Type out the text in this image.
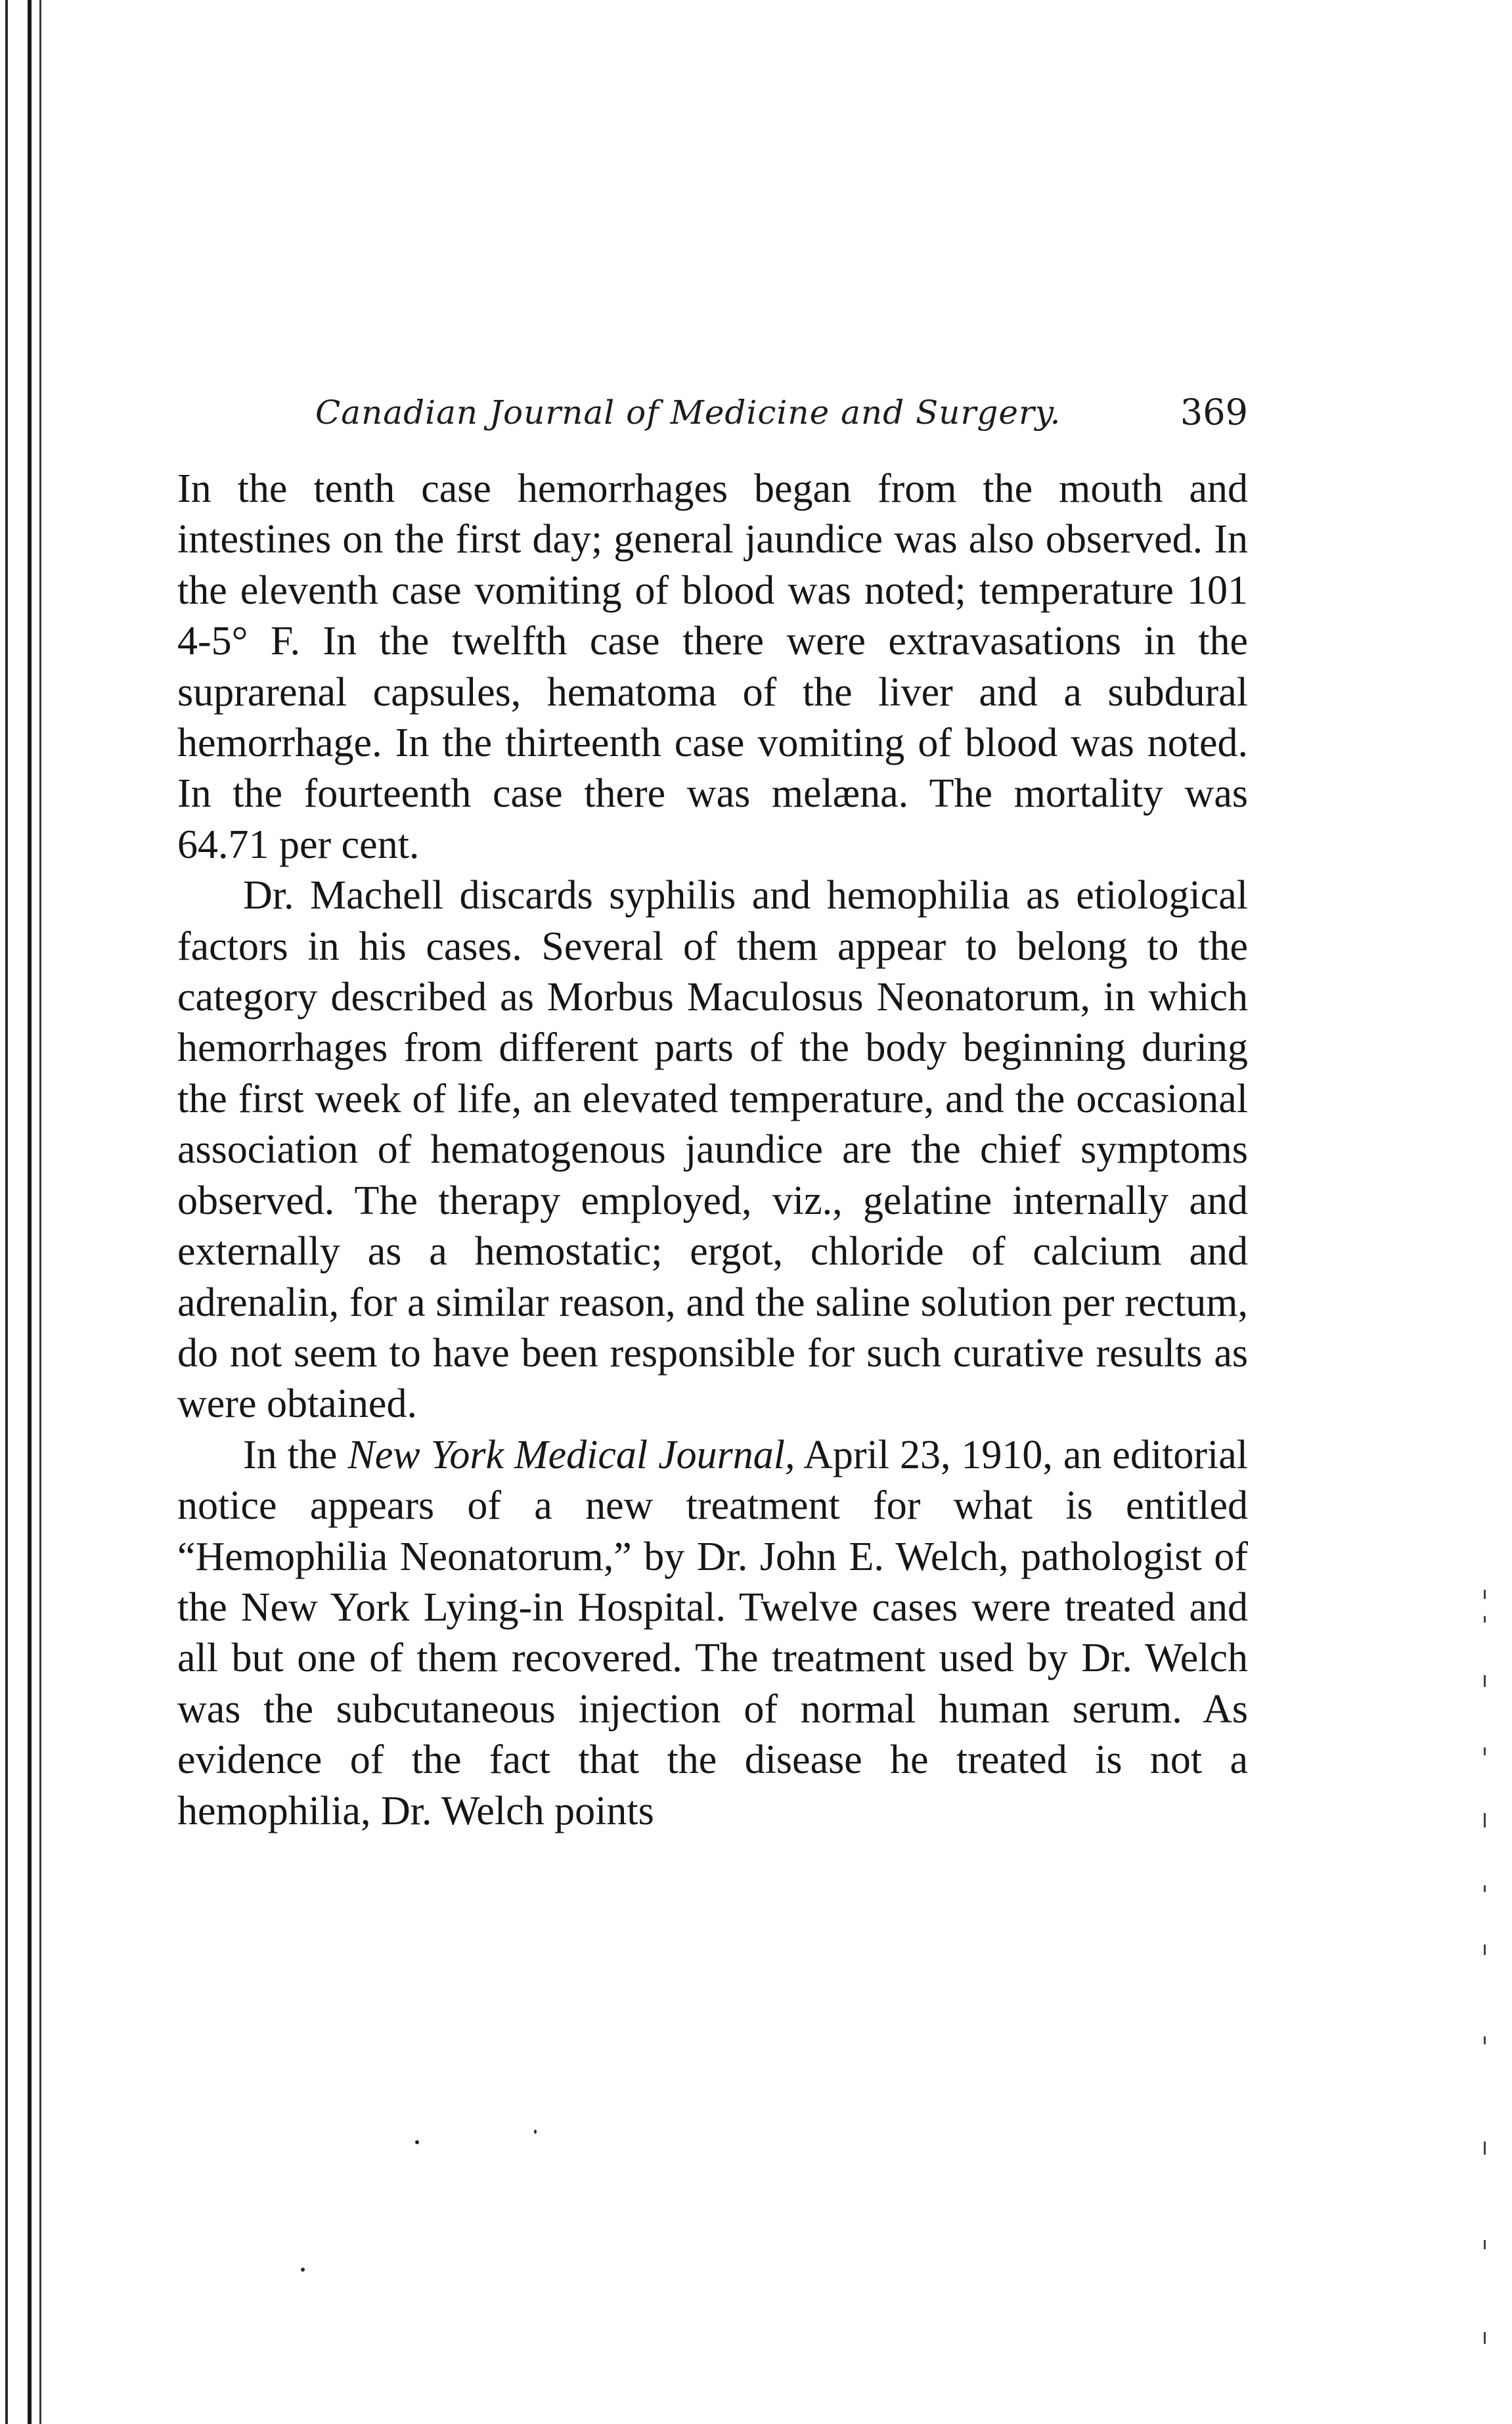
Canadian Journal of Medicine and Surgery.	369

In the tenth case hemorrhages began from the mouth and intestines on the first day; general jaundice was also observed. In the eleventh case vomiting of blood was noted; temperature 101 4-5° F. In the twelfth case there were extravasations in the suprarenal capsules, hematoma of the liver and a subdural hemorrhage. In the thirteenth case vomiting of blood was noted. In the fourteenth case there was melæna. The mortality was 64.71 per cent.

Dr. Machell discards syphilis and hemophilia as etiological factors in his cases. Several of them appear to belong to the category described as Morbus Maculosus Neonatorum, in which hemorrhages from different parts of the body beginning during the first week of life, an elevated temperature, and the occasional association of hematogenous jaundice are the chief symptoms observed. The therapy employed, viz., gelatine internally and externally as a hemostatic; ergot, chloride of calcium and adrenalin, for a similar reason, and the saline solution per rectum, do not seem to have been responsible for such curative results as were obtained.

In the New York Medical Journal, April 23, 1910, an editorial notice appears of a new treatment for what is entitled “Hemophilia Neonatorum,” by Dr. John E. Welch, pathologist of the New York Lying-in Hospital. Twelve cases were treated and all but one of them recovered. The treatment used by Dr. Welch was the subcutaneous injection of normal human serum. As evidence of the fact that the disease he treated is not a hemophilia, Dr. Welch points
